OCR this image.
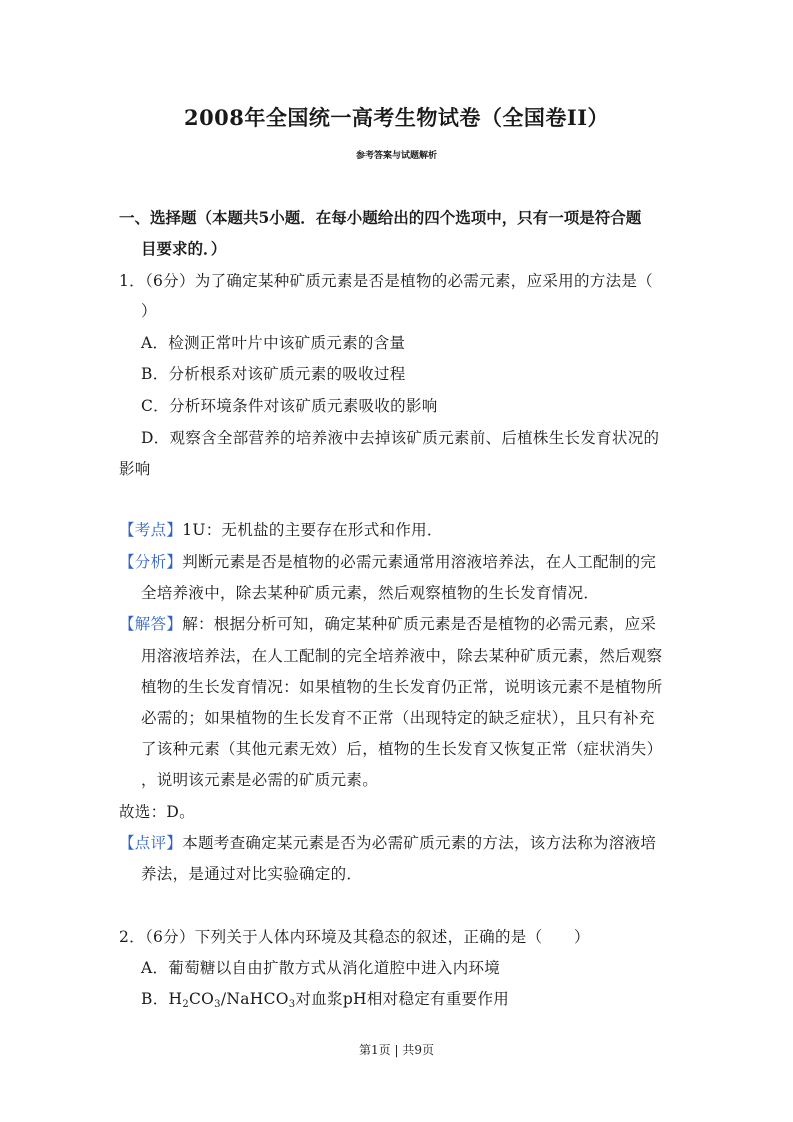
2008年全国统一高考生物试卷（全国卷II）
参考答案与试题解析
一、选择题（本题共5小题．在每小题给出的四个选项中，只有一项是符合题
目要求的．）
1．（6分）为了确定某种矿质元素是否是植物的必需元素，应采用的方法是（
）
A．检测正常叶片中该矿质元素的含量
B．分析根系对该矿质元素的吸收过程
C．分析环境条件对该矿质元素吸收的影响
D．观察含全部营养的培养液中去掉该矿质元素前、后植株生长发育状况的
影响
【考点】1U：无机盐的主要存在形式和作用．
【分析】判断元素是否是植物的必需元素通常用溶液培养法，在人工配制的完
全培养液中，除去某种矿质元素，然后观察植物的生长发育情况．
【解答】解：根据分析可知，确定某种矿质元素是否是植物的必需元素，应采
用溶液培养法，在人工配制的完全培养液中，除去某种矿质元素，然后观察
植物的生长发育情况：如果植物的生长发育仍正常，说明该元素不是植物所
必需的；如果植物的生长发育不正常（出现特定的缺乏症状），且只有补充
了该种元素（其他元素无效）后，植物的生长发育又恢复正常（症状消失）
，说明该元素是必需的矿质元素。
故选：D。
【点评】本题考查确定某元素是否为必需矿质元素的方法，该方法称为溶液培
养法，是通过对比实验确定的．
2．（6分）下列关于人体内环境及其稳态的叙述，正确的是（　　）
A．葡萄糖以自由扩散方式从消化道腔中进入内环境
B．$H_2CO_3/NaHCO_3$对血浆pH相对稳定有重要作用
第1页 | 共9页
